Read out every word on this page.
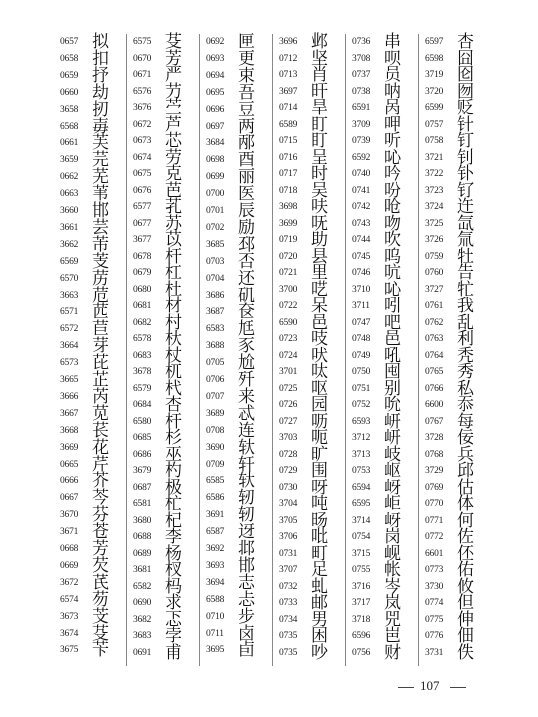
0657 拟
0658 扣
0659 抒
0660 劫
3658 扨
6568 毐
0661 芙
3659 芫
0662 芜
0663 苇
3660 邯
3661 芸
3662 芾
6569 芰
6570 苈
3663 苊
6571 苉
6572 苣
3664 芽
6573 芘
3665 芷
3666 芮
3667 苋
3668 苌
3669 花
0665 芹
0666 芥
0667 芩
3670 芬
3671 苍
0668 芳
0669 芡
3672 芪
6574 芴
3673 芠
3674 芟
3675 苄
6575 芟
0670 芳
0671 严
6576 芀
3676 苎
0672 芦
0673 芯
0674 劳
0675 克
0676 芭
6577 芤
0677 苏
3677 苡
0678 杆
0679 杠
0680 杜
0681 材
0682 村
6578 杕
0683 杖
3678 杌
6579 杙
0684 杏
6580 杆
0685 杉
0686 巫
3679 杓
0687 极
6581 杧
3680 杞
0688 李
0689 杨
3681 杈
6582 杩
0690 求
3682 忑
3683 孛
0691 甫
0692 匣
0693 更
0694 束
0695 吾
0696 豆
0697 两
3684 邴
0698 酉
0699 丽
0700 医
0701 辰
0702 励
3685 邳
0703 否
0704 还
3686 矶
3687 奁
6583 尪
3688 豕
0705 尬
0706 歼
0707 来
3689 忒
0708 连
3690 轪
0709 轩
6585 轪
6586 轫
3691 轫
6587 迓
3692 邶
3693 邯
3694 志
6588 忐
0710 步
0711 卤
3695 卣
3696 邺
0712 坚
0713 肖
3697 旰
0714 旱
6589 盯
0715 盯
0716 呈
0717 时
0718 吴
3698 呋
3699 呒
0719 助
0720 县
0721 里
3700 呓
0722 呆
6590 邑
0723 吱
0724 吠
3701 呔
0725 呕
0726 园
0727 呖
3703 呃
0728 旷
0729 围
0730 呀
3704 吨
3705 旸
3706 吡
0731 町
3707 足
0732 虬
0733 邮
0734 男
0735 困
0735 吵
0736 串
3708 呗
0737 员
0738 呐
6591 呙
3709 呷
0739 听
6592 吣
0740 吟
0741 吩
0742 呛
0743 吻
0744 吹
0745 呜
0746 吭
3710 吣
3711 吲
0747 吧
0748 邑
0749 吼
0750 囤
0751 别
0752 吮
6593 岍
3712 岍
3713 岐
0753 岖
6594 岈
6595 岠
3714 岈
0754 岗
3715 岘
0755 帐
3716 岑
3717 岚
3718 兕
6596 岜
0756 财
6597 杏
6598 囧
3719 囵
3720 囫
6599 贬
0757 针
0758 钉
3721 钊
3722 钋
3723 钌
3724 迕
3725 氙
3726 氚
0759 牡
0760 告
3727 牤
0761 我
0762 乱
0763 利
0764 秃
0765 秀
0766 私
6600 忝
0767 每
3728 佞
0768 兵
3729 邱
0769 估
0770 体
0771 何
0772 佐
6601 伾
0773 佑
3730 攸
0774 但
0775 伸
0776 佃
3731 佚
107
